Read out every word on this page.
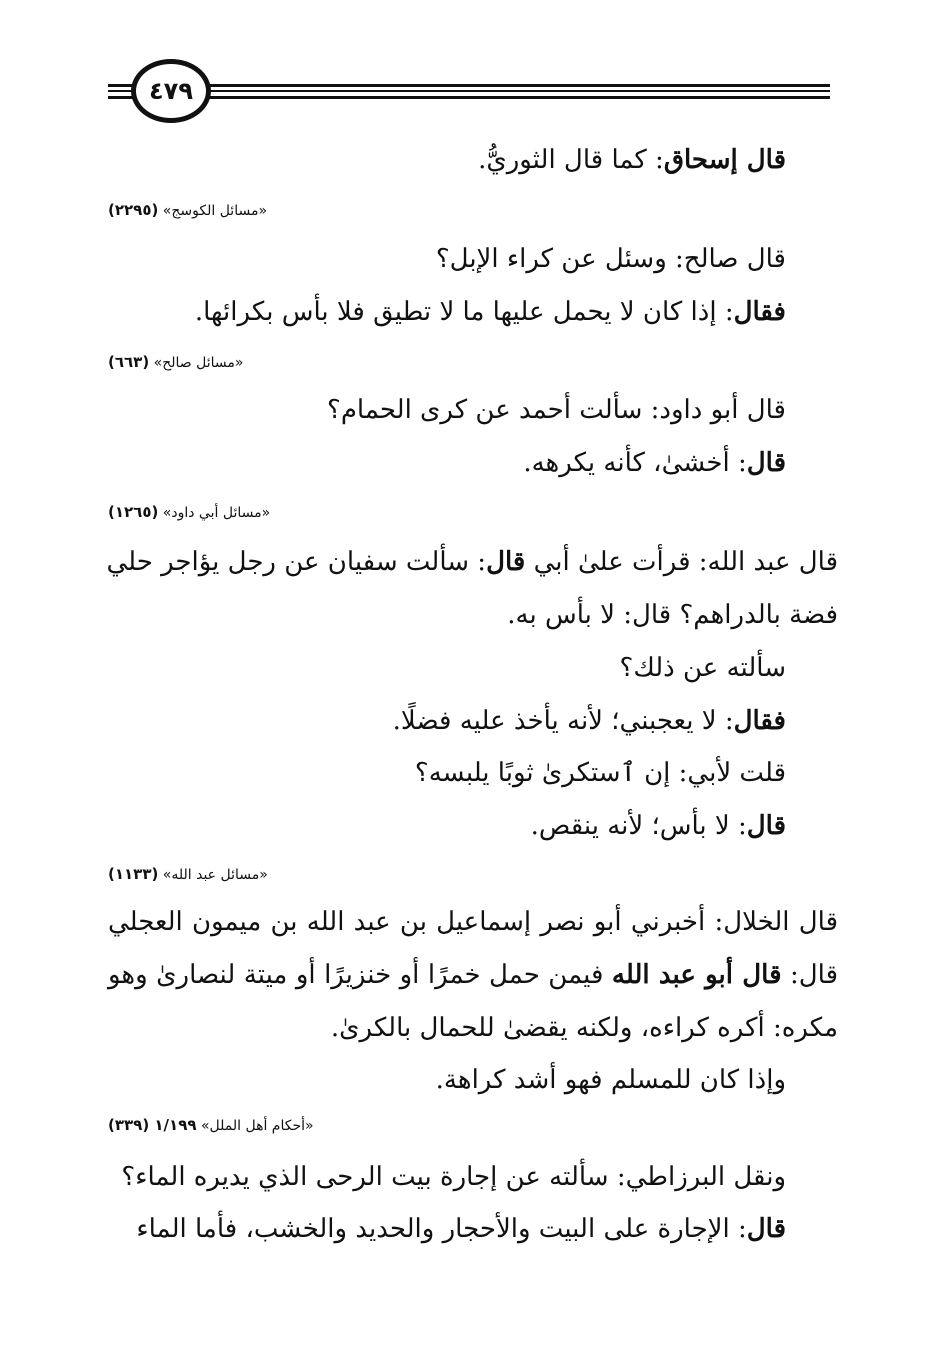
٤٧٩
قال إسحاق: كما قال الثوريُّ.
«مسائل الكوسج» (٢٢٩٥)
قال صالح: وسئل عن كراء الإبل؟
فقال: إذا كان لا يحمل عليها ما لا تطيق فلا بأس بكرائها.
«مسائل صالح» (٦٦٣)
قال أبو داود: سألت أحمد عن كرى الحمام؟
قال: أخشىٰ، كأنه يكرهه.
«مسائل أبي داود» (١٢٦٥)
قال عبد الله: قرأت علىٰ أبي قال: سألت سفيان عن رجل يؤاجر حلي
فضة بالدراهم؟ قال: لا بأس به.
سألته عن ذلك؟
فقال: لا يعجبني؛ لأنه يأخذ عليه فضلًا.
قلت لأبي: إن ٱستكرىٰ ثوبًا يلبسه؟
قال: لا بأس؛ لأنه ينقص.
«مسائل عبد الله» (١١٣٣)
قال الخلال: أخبرني أبو نصر إسماعيل بن عبد الله بن ميمون العجلي
قال: قال أبو عبد الله فيمن حمل خمرًا أو خنزيرًا أو ميتة لنصارىٰ وهو
مكره: أكره كراءه، ولكنه يقضىٰ للحمال بالكرىٰ.
وإذا كان للمسلم فهو أشد كراهة.
«أحكام أهل الملل» ١/١٩٩ (٣٣٩)
ونقل البرزاطي: سألته عن إجارة بيت الرحى الذي يديره الماء؟
قال: الإجارة على البيت والأحجار والحديد والخشب، فأما الماء
